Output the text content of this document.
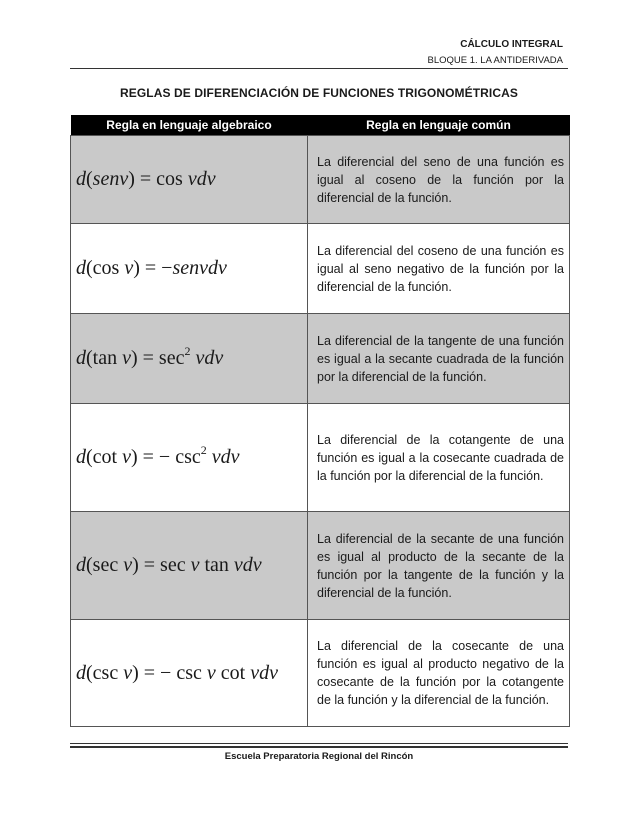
CÁLCULO INTEGRAL
BLOQUE 1. LA ANTIDERIVADA
REGLAS DE DIFERENCIACIÓN DE FUNCIONES TRIGONOMÉTRICAS
Regla en lenguaje algebraico	Regla en lenguaje común
d(senv) = cos vdv	La diferencial del seno de una función es igual al coseno de la función por la diferencial de la función.
d(cos v) = −senvdv	La diferencial del coseno de una función es igual al seno negativo de la función por la diferencial de la función.
d(tan $v) = \sec^2$ vdv	La diferencial de la tangente de una función es igual a la secante cuadrada de la función por la diferencial de la función.
d(cot v) = − $\csc^2$ vdv	La diferencial de la cotangente de una función es igual a la cosecante cuadrada de la función por la diferencial de la función.
d(sec v) = sec v tan vdv	La diferencial de la secante de una función es igual al producto de la secante de la función por la tangente de la función y la diferencial de la función.
d(csc v) = − csc v cot vdv	La diferencial de la cosecante de una función es igual al producto negativo de la cosecante de la función por la cotangente de la función y la diferencial de la función.
Escuela Preparatoria Regional del Rincón
